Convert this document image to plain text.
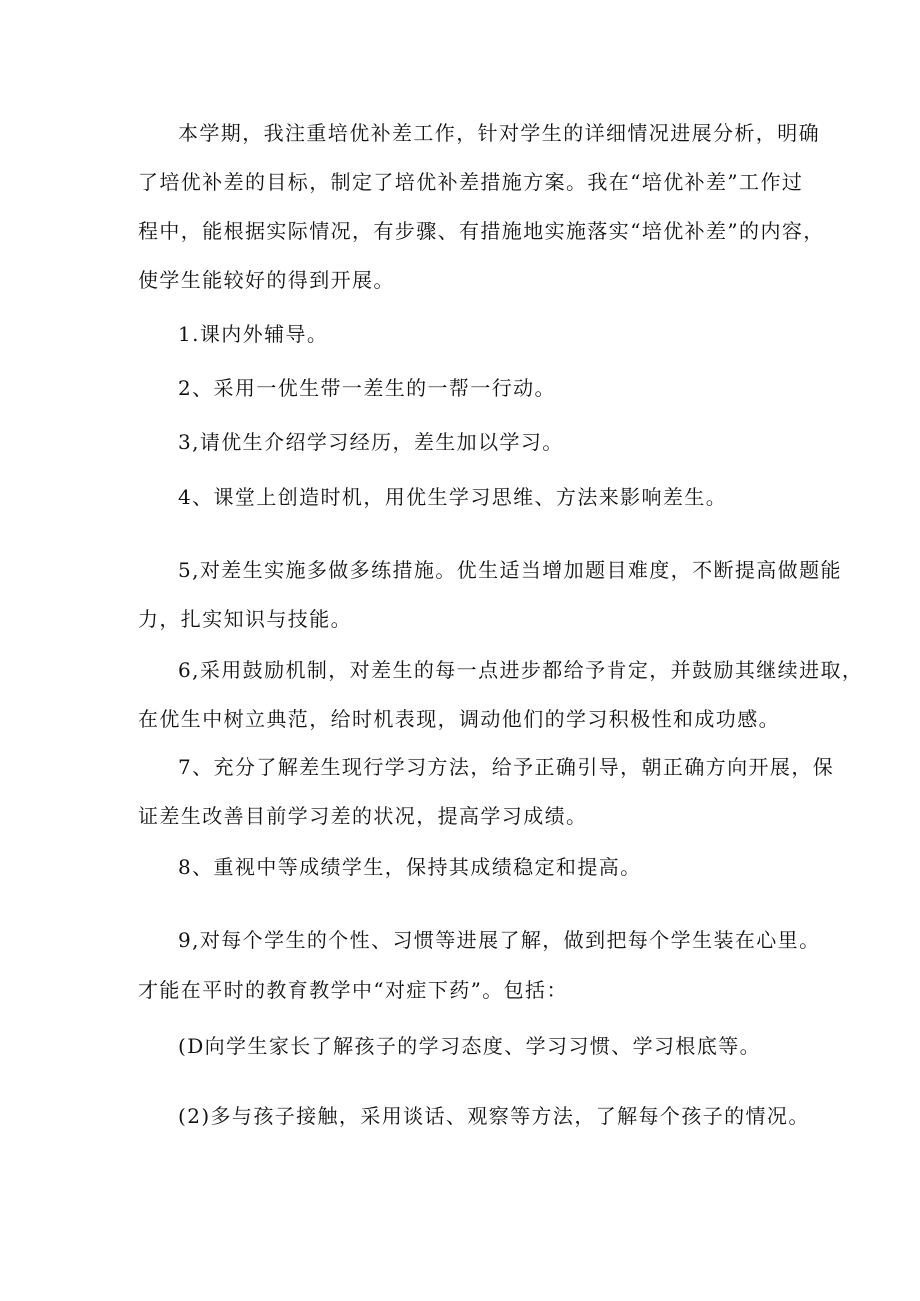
本学期，我注重培优补差工作，针对学生的详细情况进展分析，明确
了培优补差的目标，制定了培优补差措施方案。我在“培优补差”工作过
程中，能根据实际情况，有步骤、有措施地实施落实“培优补差”的内容，
使学生能较好的得到开展。
1.课内外辅导。
2、采用一优生带一差生的一帮一行动。
3,请优生介绍学习经历，差生加以学习。
4、课堂上创造时机，用优生学习思维、方法来影响差生。
5,对差生实施多做多练措施。优生适当增加题目难度，不断提高做题能
力，扎实知识与技能。
6,采用鼓励机制，对差生的每一点进步都给予肯定，并鼓励其继续进取，
在优生中树立典范，给时机表现，调动他们的学习积极性和成功感。
7、充分了解差生现行学习方法，给予正确引导，朝正确方向开展，保
证差生改善目前学习差的状况，提高学习成绩。
8、重视中等成绩学生，保持其成绩稳定和提高。
9,对每个学生的个性、习惯等进展了解，做到把每个学生装在心里。
才能在平时的教育教学中“对症下药”。包括：
(D向学生家长了解孩子的学习态度、学习习惯、学习根底等。
(2)多与孩子接触，采用谈话、观察等方法，了解每个孩子的情况。
